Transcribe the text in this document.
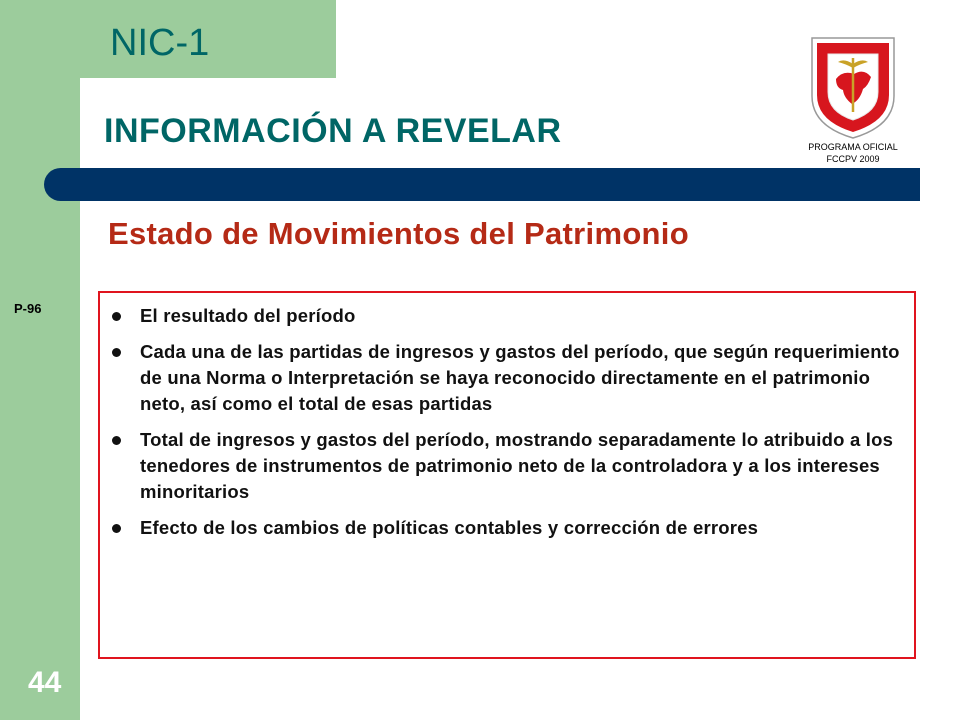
NIC-1
INFORMACIÓN A REVELAR	PROGRAMA OFICIAL
FCCPV 2009
Estado de Movimientos del Patrimonio
P-96	El resultado del período
Cada una de las partidas de ingresos y gastos del período, que según requerimiento de una Norma o Interpretación se haya reconocido directamente en el patrimonio neto, así como el total de esas partidas
Total de ingresos y gastos del período, mostrando separadamente lo atribuido a los tenedores de instrumentos de patrimonio neto de la controladora y a los intereses minoritarios
Efecto de los cambios de políticas contables y corrección de errores
44
